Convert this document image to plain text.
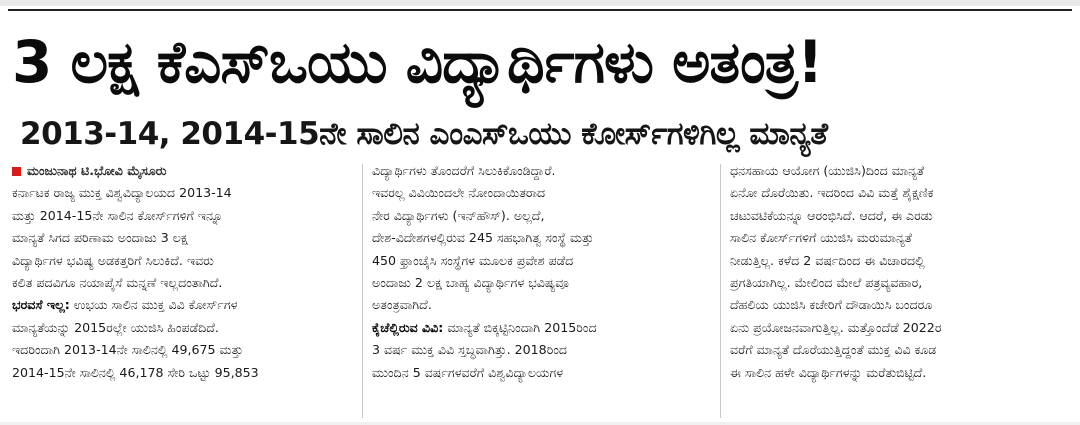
3 ಲಕ್ಷ ಕೆಎಸ್‌ಒಯು ವಿದ್ಯಾರ್ಥಿಗಳು ಅತಂತ್ರ!
2013-14, 2014-15ನೇ ಸಾಲಿನ ಎಂಎಸ್‌ಒಯು ಕೋರ್ಸ್‌ಗಳಿಗಿಲ್ಲ ಮಾನ್ಯತೆ
ಮಂಜುನಾಥ ಟಿ.ಭೋವಿ ಮೈಸೂರು
ಕರ್ನಾಟಕ ರಾಜ್ಯ ಮುಕ್ತ ವಿಶ್ವವಿದ್ಯಾಲಯದ 2013-14
ಮತ್ತು 2014-15ನೇ ಸಾಲಿನ ಕೋರ್ಸ್‌ಗಳಿಗೆ ಇನ್ನೂ
ಮಾನ್ಯತೆ ಸಿಗದ ಪರಿಣಾಮ ಅಂದಾಜು 3 ಲಕ್ಷ
ವಿದ್ಯಾರ್ಥಿಗಳ ಭವಿಷ್ಯ ಅಡಕತ್ತರಿಗೆ ಸಿಲುಕಿದೆ. ಇವರು
ಕಲಿತ ಪದವಿಗೂ ನಯಾಪೈಸೆ ಮನ್ನಣೆ ಇಲ್ಲದಂತಾಗಿದೆ.
ಭರವಸೆ ಇಲ್ಲ: ಉಭಯ ಸಾಲಿನ ಮುಕ್ತ ವಿವಿ ಕೋರ್ಸ್‌ಗಳ
ಮಾನ್ಯತೆಯನ್ನು 2015ರಲ್ಲೇ ಯುಜಿಸಿ ಹಿಂಪಡೆದಿದೆ.
ಇದರಿಂದಾಗಿ 2013-14ನೇ ಸಾಲಿನಲ್ಲಿ 49,675 ಮತ್ತು
2014-15ನೇ ಸಾಲಿನಲ್ಲಿ 46,178 ಸೇರಿ ಒಟ್ಟು 95,853
ವಿದ್ಯಾರ್ಥಿಗಳು ತೊಂದರೆಗೆ ಸಿಲುಕಿಕೊಂಡಿದ್ದಾರೆ.
ಇವರಲ್ಲ ವಿವಿಯಿಂದಲೇ ನೋಂದಾಯಿತರಾದ
ನೇರ ವಿದ್ಯಾರ್ಥಿಗಳು (ಇನ್‌ಹೌಸ್). ಅಲ್ಲದೆ,
ದೇಶ-ವಿದೇಶಗಳಲ್ಲಿರುವ 245 ಸಹಭಾಗಿತ್ವ ಸಂಸ್ಥೆ ಮತ್ತು
450 ಫ್ರಾಂಚೈಸಿ ಸಂಸ್ಥೆಗಳ ಮೂಲಕ ಪ್ರವೇಶ ಪಡೆದ
ಅಂದಾಜು 2 ಲಕ್ಷ ಬಾಹ್ಯ ವಿದ್ಯಾರ್ಥಿಗಳ ಭವಿಷ್ಯವೂ
ಅತಂತ್ರವಾಗಿದೆ.
ಕೈಚೆಲ್ಲಿರುವ ವಿವಿ: ಮಾನ್ಯತೆ ಬಿಕ್ಕಟ್ಟಿನಿಂದಾಗಿ 2015ರಿಂದ
3 ವರ್ಷ ಮುಕ್ತ ವಿವಿ ಸ್ತಬ್ಧವಾಗಿತ್ತು. 2018ರಿಂದ
ಮುಂದಿನ 5 ವರ್ಷಗಳವರೆಗೆ ವಿಶ್ವವಿದ್ಯಾಲಯಗಳ
ಧನಸಹಾಯ ಆಯೋಗ (ಯುಜಿಸಿ)ದಿಂದ ಮಾನ್ಯತೆ
ಏನೋ ದೊರೆಯಿತು. ಇದರಿಂದ ವಿವಿ ಮತ್ತೆ ಶೈಕ್ಷಣಿಕ
ಚಟುವಟಿಕೆಯನ್ನೂ ಆರಂಭಿಸಿದೆ. ಆದರೆ, ಈ ಎರಡು
ಸಾಲಿನ ಕೋರ್ಸ್‌ಗಳಿಗೆ ಯುಜಿಸಿ ಮರುಮಾನ್ಯತೆ
ನೀಡುತ್ತಿಲ್ಲ. ಕಳೆದ 2 ವರ್ಷದಿಂದ ಈ ವಿಚಾರದಲ್ಲಿ
ಪ್ರಗತಿಯಾಗಿಲ್ಲ. ಮೇಲಿಂದ ಮೇಲೆ ಪತ್ರವ್ಯವಹಾರ,
ದೆಹಲಿಯ ಯುಜಿಸಿ ಕಚೇರಿಗೆ ದೌಡಾಯಿಸಿ ಬಂದರೂ
ಏನು ಪ್ರಯೋಜನವಾಗುತ್ತಿಲ್ಲ. ಮತ್ತೊಂದೆಡೆ 2022ರ
ವರೆಗೆ ಮಾನ್ಯತೆ ದೊರೆಯುತ್ತಿದ್ದಂತೆ ಮುಕ್ತ ವಿವಿ ಕೂಡ
ಈ ಸಾಲಿನ ಹಳೇ ವಿದ್ಯಾರ್ಥಿಗಳನ್ನು ಮರೆತುಬಿಟ್ಟಿದೆ.
